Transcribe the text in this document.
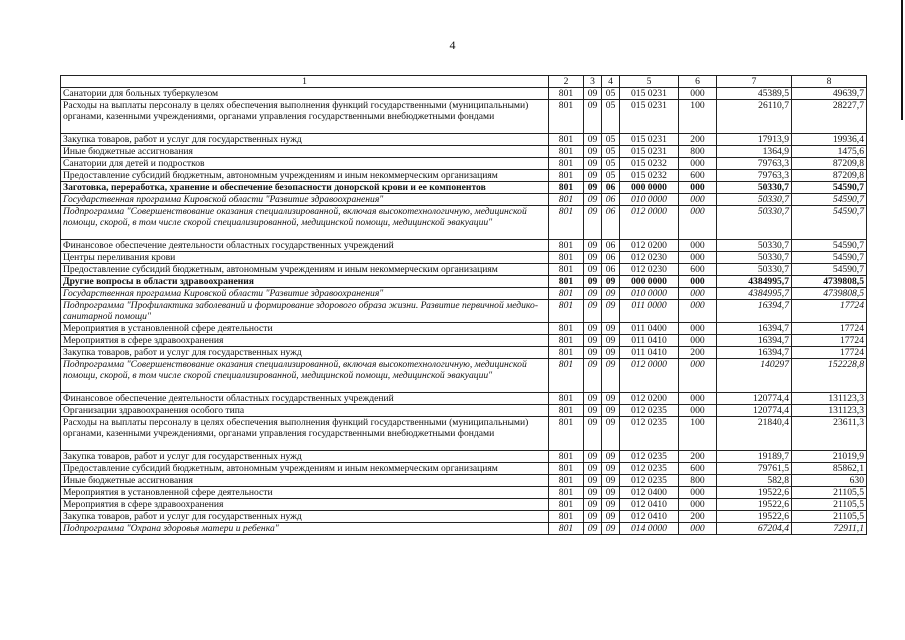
4
1	2	3	4	5	6	7	8
Санатории для больных туберкулезом	801	09	05	015 0231	000	45389,5	49639,7
Расходы на выплаты персоналу в целях обеспечения выполнения функций государственными (муниципальными) органами, казенными учреждениями, органами управления государственными внебюджетными фондами	801	09	05	015 0231	100	26110,7	28227,7
Закупка товаров, работ и услуг для государственных нужд	801	09	05	015 0231	200	17913,9	19936,4
Иные бюджетные ассигнования	801	09	05	015 0231	800	1364,9	1475,6
Санатории для детей и подростков	801	09	05	015 0232	000	79763,3	87209,8
Предоставление субсидий бюджетным, автономным учреждениям и иным некоммерческим организациям	801	09	05	015 0232	600	79763,3	87209,8
Заготовка, переработка, хранение и обеспечение безопасности донорской крови и ее компонентов	801	09	06	000 0000	000	50330,7	54590,7
Государственная программа Кировской области "Развитие здравоохранения"	801	09	06	010 0000	000	50330,7	54590,7
Подпрограмма "Совершенствование оказания специализированной, включая высокотехнологичную, медицинской помощи, скорой, в том числе скорой специализированной, медицинской помощи, медицинской эвакуации"	801	09	06	012 0000	000	50330,7	54590,7
Финансовое обеспечение деятельности областных государственных учреждений	801	09	06	012 0200	000	50330,7	54590,7
Центры переливания крови	801	09	06	012 0230	000	50330,7	54590,7
Предоставление субсидий бюджетным, автономным учреждениям и иным некоммерческим организациям	801	09	06	012 0230	600	50330,7	54590,7
Другие вопросы в области здравоохранения	801	09	09	000 0000	000	4384995,7	4739808,5
Государственная программа Кировской области "Развитие здравоохранения"	801	09	09	010 0000	000	4384995,7	4739808,5
Подпрограмма "Профилактика заболеваний и формирование здорового образа жизни. Развитие первичной медико-санитарной помощи"	801	09	09	011 0000	000	16394,7	17724
Мероприятия в установленной сфере деятельности	801	09	09	011 0400	000	16394,7	17724
Мероприятия в сфере здравоохранения	801	09	09	011 0410	000	16394,7	17724
Закупка товаров, работ и услуг для государственных нужд	801	09	09	011 0410	200	16394,7	17724
Подпрограмма "Совершенствование оказания специализированной, включая высокотехнологичную, медицинской помощи, скорой, в том числе скорой специализированной, медицинской помощи, медицинской эвакуации"	801	09	09	012 0000	000	140297	152228,8
Финансовое обеспечение деятельности областных государственных учреждений	801	09	09	012 0200	000	120774,4	131123,3
Организации здравоохранения особого типа	801	09	09	012 0235	000	120774,4	131123,3
Расходы на выплаты персоналу в целях обеспечения выполнения функций государственными (муниципальными) органами, казенными учреждениями, органами управления государственными внебюджетными фондами	801	09	09	012 0235	100	21840,4	23611,3
Закупка товаров, работ и услуг для государственных нужд	801	09	09	012 0235	200	19189,7	21019,9
Предоставление субсидий бюджетным, автономным учреждениям и иным некоммерческим организациям	801	09	09	012 0235	600	79761,5	85862,1
Иные бюджетные ассигнования	801	09	09	012 0235	800	582,8	630
Мероприятия в установленной сфере деятельности	801	09	09	012 0400	000	19522,6	21105,5
Мероприятия в сфере здравоохранения	801	09	09	012 0410	000	19522,6	21105,5
Закупка товаров, работ и услуг для государственных нужд	801	09	09	012 0410	200	19522,6	21105,5
Подпрограмма "Охрана здоровья матери и ребенка"	801	09	09	014 0000	000	67204,4	72911,1
